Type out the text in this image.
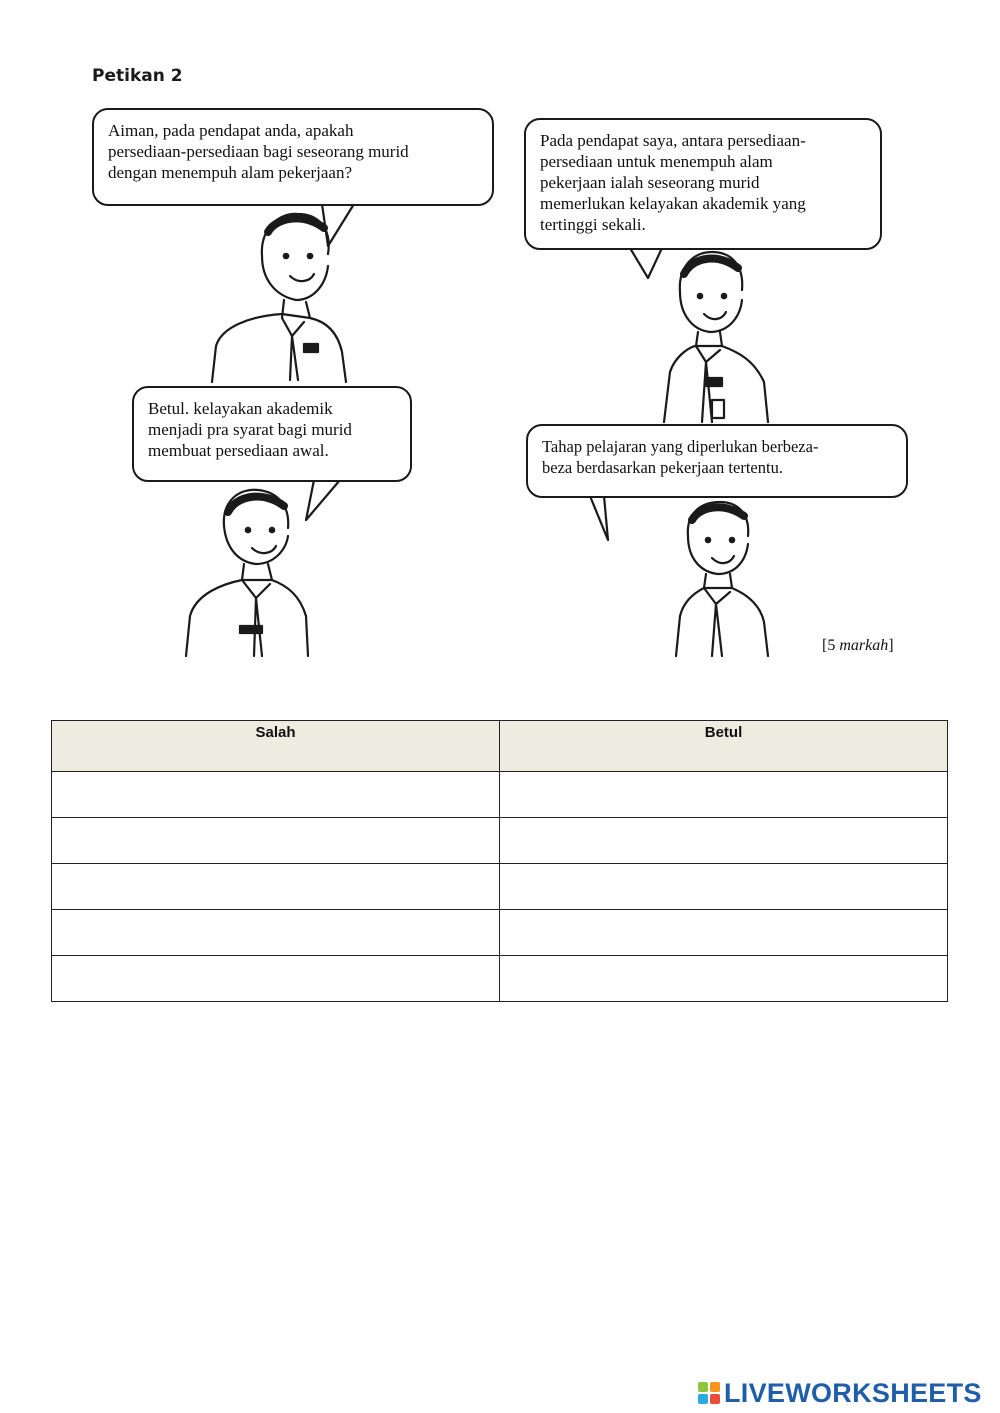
Petikan 2
Aiman, pada pendapat anda, apakah
persediaan-persediaan bagi seseorang murid
dengan menempuh alam pekerjaan?
Pada pendapat saya, antara persediaan-
persediaan untuk menempuh alam
pekerjaan ialah seseorang murid
memerlukan kelayakan akademik yang
tertinggi sekali.
Betul. kelayakan akademik
menjadi pra syarat bagi murid
membuat persediaan awal.	Tahap pelajaran yang diperlukan berbeza-
beza berdasarkan pekerjaan tertentu.
[5 markah]
Salah	Betul

LIVEWORKSHEETS
